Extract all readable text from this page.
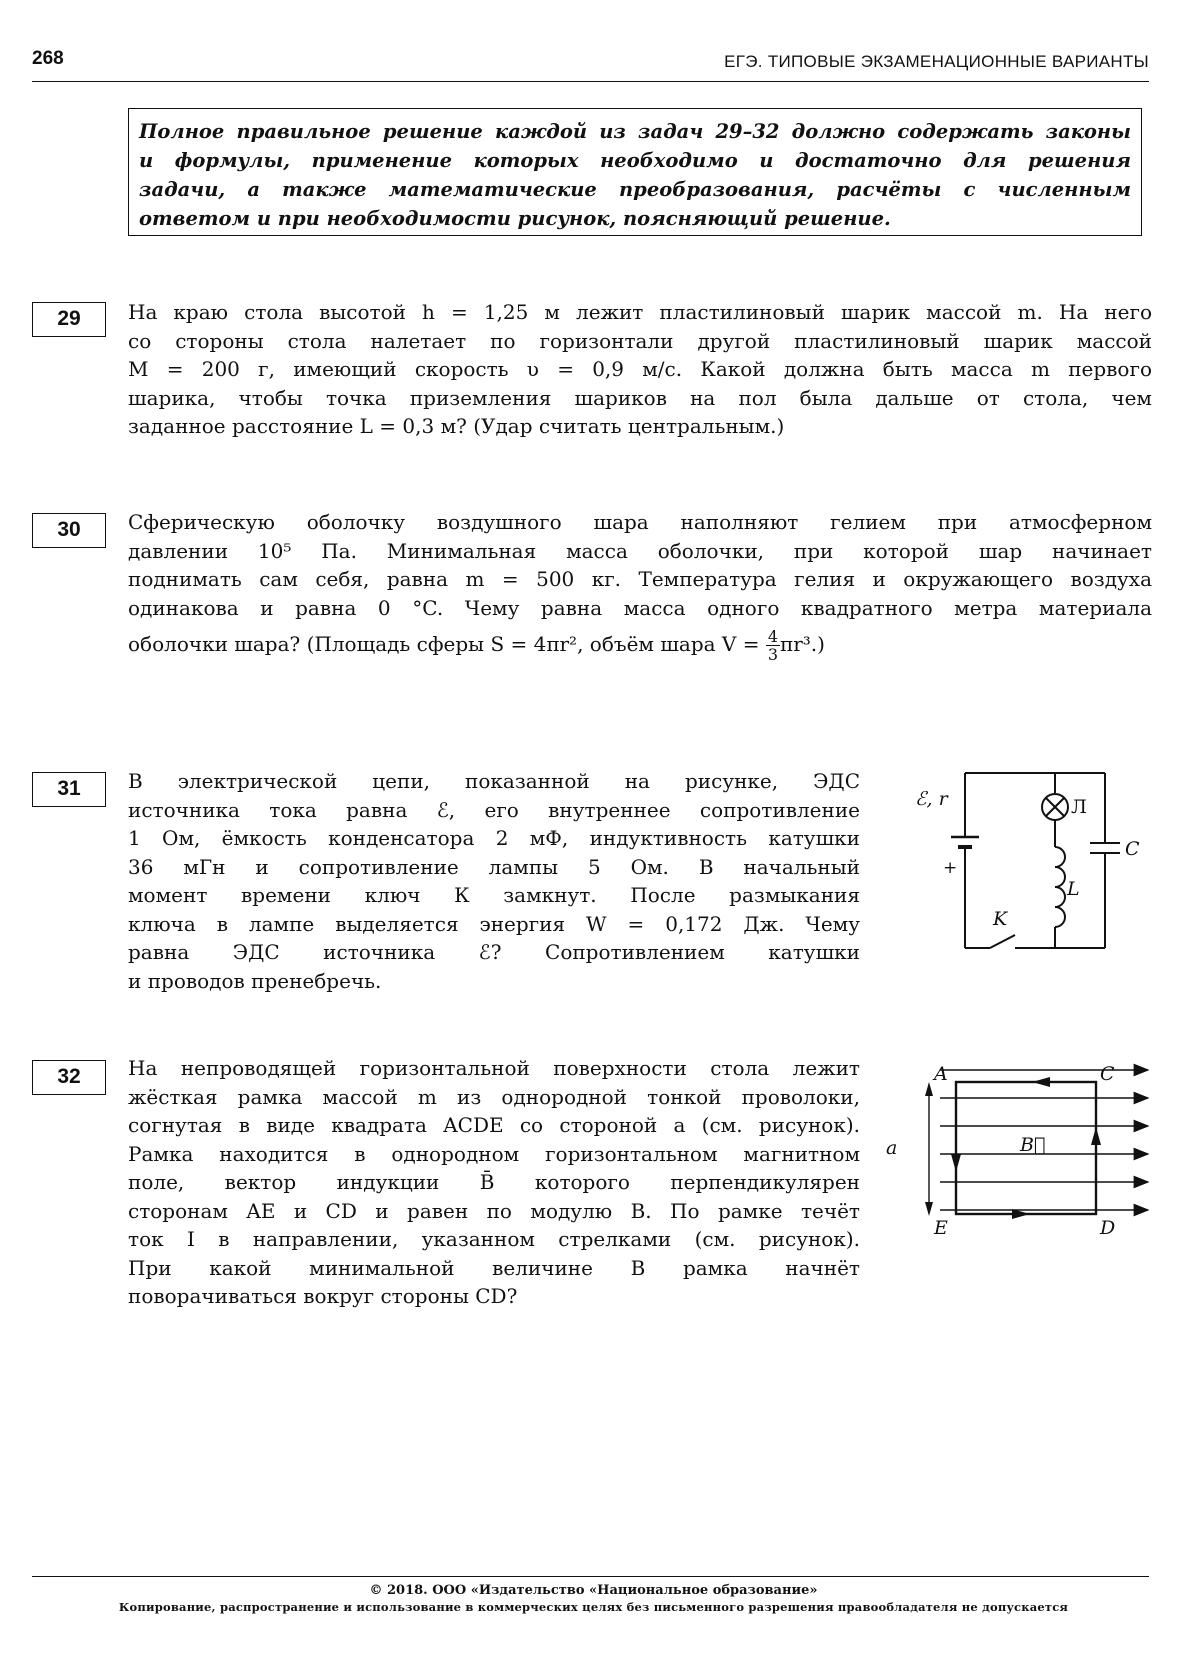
268	ЕГЭ. ТИПОВЫЕ ЭКЗАМЕНАЦИОННЫЕ ВАРИАНТЫ
Полное правильное решение каждой из задач 29–32 должно содержать законы
и формулы, применение которых необходимо и достаточно для решения
задачи, а также математические преобразования, расчёты с численным
ответом и при необходимости рисунок, поясняющий решение.
29	На краю стола высотой h = 1,25 м лежит пластилиновый шарик массой m. На него
со стороны стола налетает по горизонтали другой пластилиновый шарик массой
M = 200 г, имеющий скорость υ = 0,9 м/с. Какой должна быть масса m первого
шарика, чтобы точка приземления шариков на пол была дальше от стола, чем
заданное расстояние L = 0,3 м? (Удар считать центральным.)
30	Сферическую оболочку воздушного шара наполняют гелием при атмосферном
давлении 10⁵ Па. Минимальная масса оболочки, при которой шар начинает
поднимать сам себя, равна m = 500 кг. Температура гелия и окружающего воздуха
одинакова и равна 0 °C. Чему равна масса одного квадратного метра материала
оболочки шара? (Площадь сферы S = 4πr², объём шара $V = \frac{4}{3} \pi r^3$.)
31	В электрической цепи, показанной на рисунке, ЭДС
источника тока равна ℰ, его внутреннее сопротивление
1 Ом, ёмкость конденсатора 2 мФ, индуктивность катушки
36 мГн и сопротивление лампы 5 Ом. В начальный
момент времени ключ К замкнут. После размыкания
ключа в лампе выделяется энергия W = 0,172 Дж. Чему
равна ЭДС источника ℰ? Сопротивлением катушки
и проводов пренебречь.
ℰ, r
+
Л
C
L
K
32	На непроводящей горизонтальной поверхности стола лежит
жёсткая рамка массой m из однородной тонкой проволоки,
согнутая в виде квадрата ACDE со стороной a (см. рисунок).
Рамка находится в однородном горизонтальном магнитном
поле, вектор индукции B̄ которого перпендикулярен
сторонам AE и CD и равен по модулю B. По рамке течёт
ток I в направлении, указанном стрелками (см. рисунок).
При какой минимальной величине B рамка начнёт
поворачиваться вокруг стороны CD?
A	C
E	D
a	B⃗
© 2018. ООО «Издательство «Национальное образование»
Копирование, распространение и использование в коммерческих целях без письменного разрешения правообладателя не допускается
